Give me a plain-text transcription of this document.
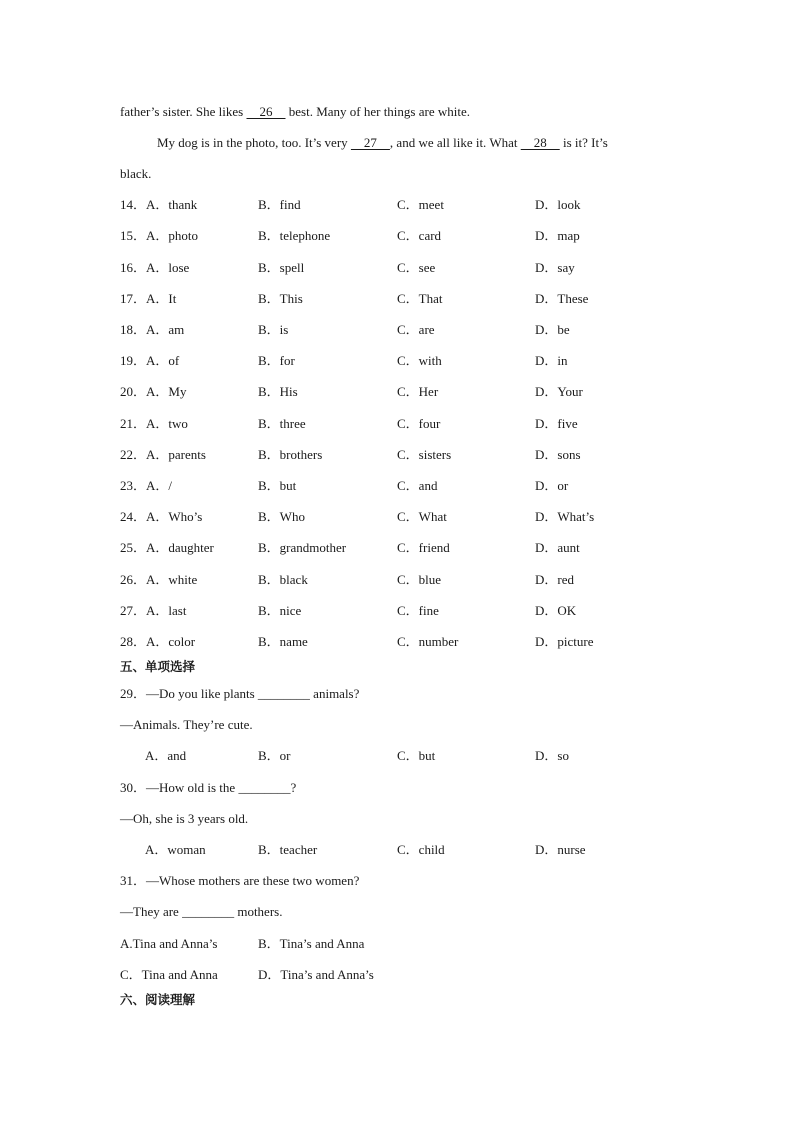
father’s sister. She likes     26     best. Many of her things are white.
My dog is in the photo, too. It’s very     27    , and we all like it. What     28     is it? It’s
black.
14．A．thank	B．find	C．meet	D．look
15．A．photo	B．telephone	C．card	D．map
16．A．lose	B．spell	C．see	D．say
17．A．It	B．This	C．That	D．These
18．A．am	B．is	C．are	D．be
19．A．of	B．for	C．with	D．in
20．A．My	B．His	C．Her	D．Your
21．A．two	B．three	C．four	D．five
22．A．parents	B．brothers	C．sisters	D．sons
23．A．/	B．but	C．and	D．or
24．A．Who’s	B．Who	C．What	D．What’s
25．A．daughter	B．grandmother	C．friend	D．aunt
26．A．white	B．black	C．blue	D．red
27．A．last	B．nice	C．fine	D．OK
28．A．color	B．name	C．number	D．picture
五、单项选择
29．—Do you like plants ________ animals?
—Animals. They’re cute.
A．and	B．or	C．but	D．so
30．—How old is the ________?
—Oh, she is 3 years old.
A．woman	B．teacher	C．child	D．nurse
31．—Whose mothers are these two women?
—They are ________ mothers.
A.Tina and Anna’s	B．Tina’s and Anna
C．Tina and Anna	D．Tina’s and Anna’s
六、阅读理解
